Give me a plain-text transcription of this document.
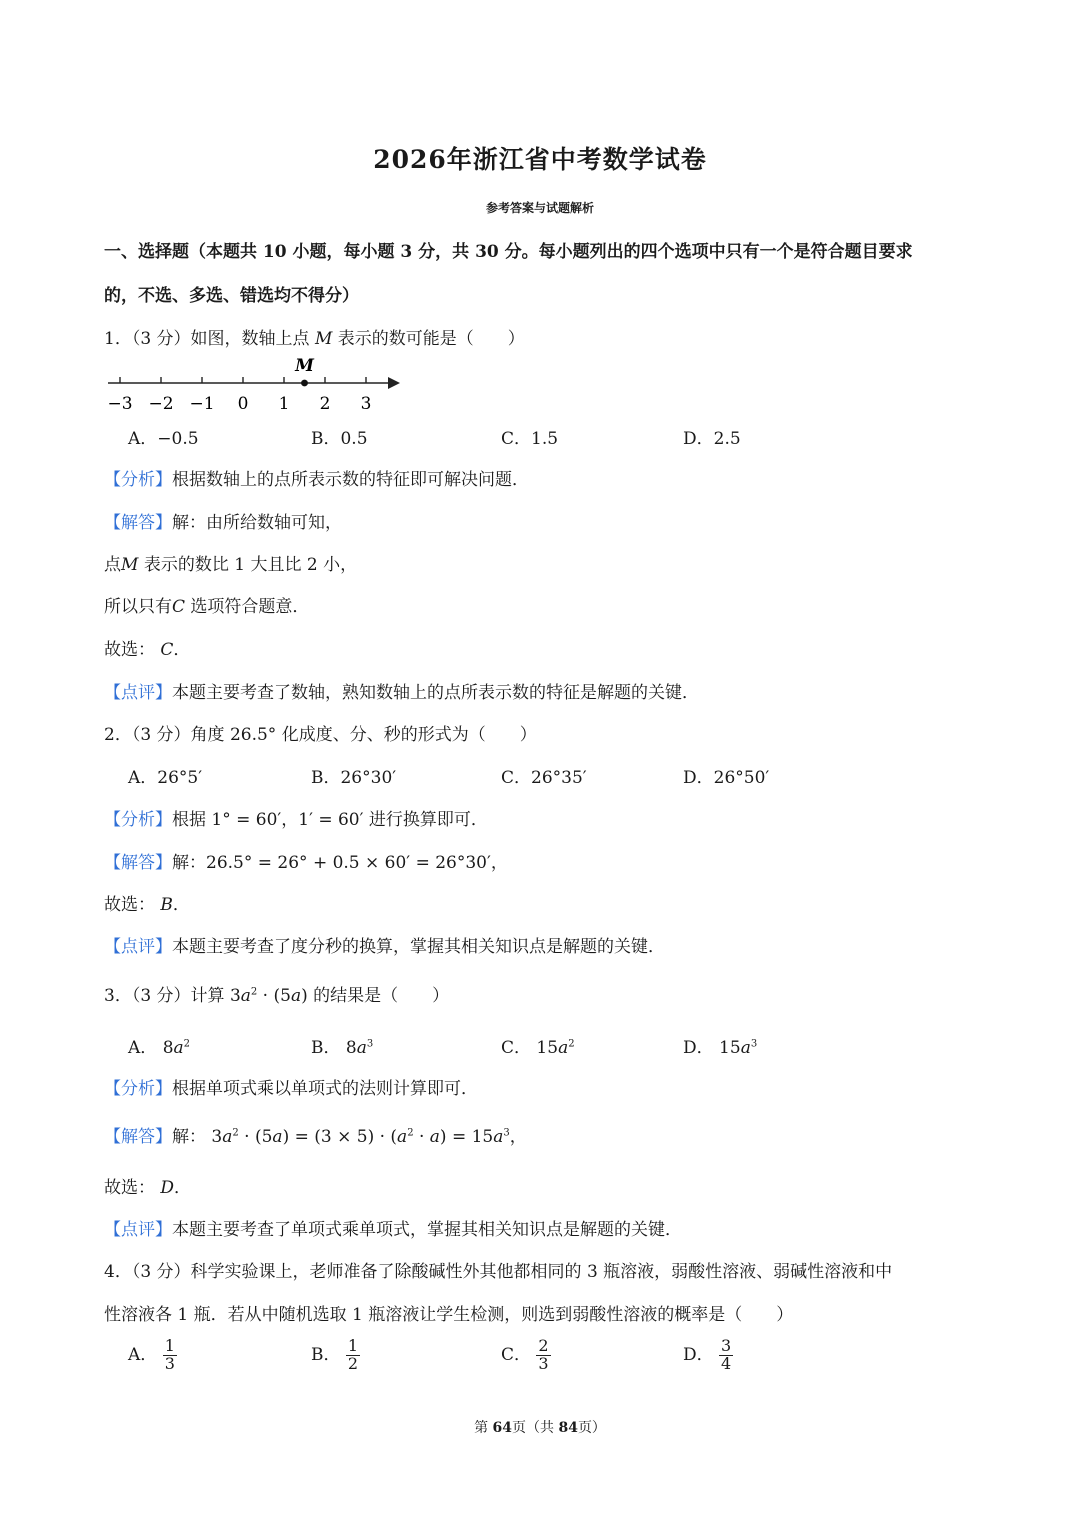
2026年浙江省中考数学试卷
参考答案与试题解析
一、选择题（本题共 10 小题，每小题 3 分，共 30 分。每小题列出的四个选项中只有一个是符合题目要求
的，不选、多选、错选均不得分）
1．（3 分）如图，数轴上点 M 表示的数可能是（　　）
−3 −2 −1 0 1 2 3
M
A．−0.5	B．0.5	C．1.5	D．2.5
【分析】根据数轴上的点所表示数的特征即可解决问题．
【解答】解：由所给数轴可知，
点M 表示的数比 1 大且比 2 小，
所以只有C 选项符合题意．
故选： C．
【点评】本题主要考查了数轴，熟知数轴上的点所表示数的特征是解题的关键．
2．（3 分）角度 26.5° 化成度、分、秒的形式为（　　）
A．26°5′	B．26°30′	C．26°35′	D．26°50′
【分析】根据 1° = 60′，1′ = 60′ 进行换算即可．
【解答】解：26.5° = 26° + 0.5 × 60′ = 26°30′，
故选： B．
【点评】本题主要考查了度分秒的换算，掌握其相关知识点是解题的关键．
3．（3 分）计算 $3a^2 \cdot (5a)$ 的结果是（　　）
A． $8a^2$	B． $8a^3$	C． $15a^2$	D． $15a^3$
【分析】根据单项式乘以单项式的法则计算即可．
【解答】解： $3a^2 \cdot (5a) = (3 \times 5) \cdot (a^2 \cdot a) = 15a^3$，
故选： D．
【点评】本题主要考查了单项式乘单项式，掌握其相关知识点是解题的关键．
4．（3 分）科学实验课上，老师准备了除酸碱性外其他都相同的 3 瓶溶液，弱酸性溶液、弱碱性溶液和中
性溶液各 1 瓶．若从中随机选取 1 瓶溶液让学生检测，则选到弱酸性溶液的概率是（　　）
A． $\frac{1}{3}$	B． $\frac{1}{2}$	C． $\frac{2}{3}$	D． $\frac{3}{4}$
第 64页（共 84页）
